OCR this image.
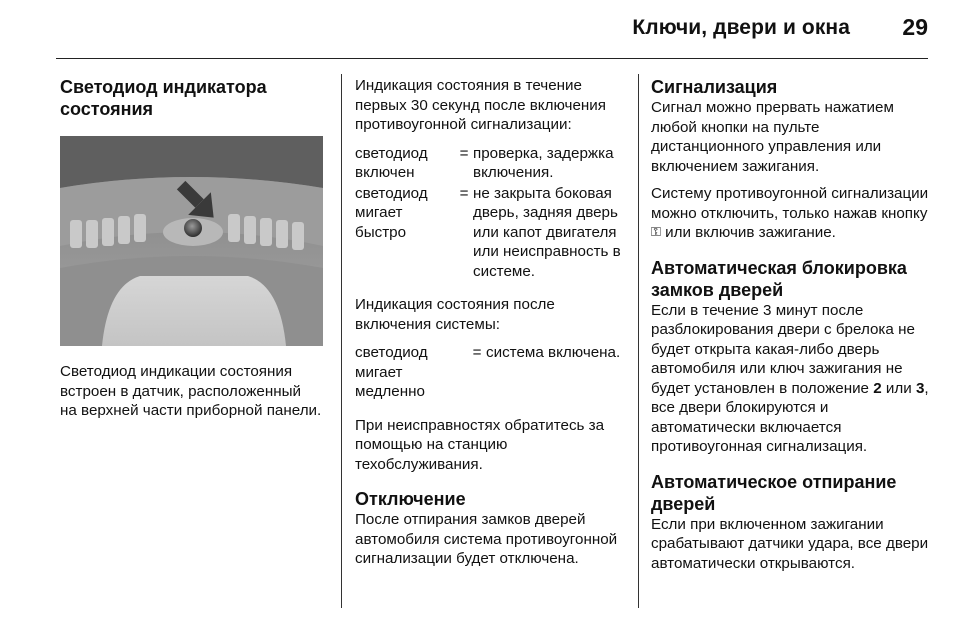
Ключи, двери и окна	29
Светодиод индикатора состояния

Светодиод индикации состояния встроен в датчик, расположенный на верхней части приборной панели.

Индикация состояния в течение первых 30 секунд после включения противоугонной сигнализации:

светодиод включен	=	проверка, задержка включения.
светодиод мигает быстро	=	не закрыта боковая дверь, задняя дверь или капот двигателя или неисправность в системе.

Индикация состояния после включения системы:

светодиод мигает медленно	=	система включена.

При неисправностях обратитесь за помощью на станцию техобслуживания.

Отключение

После отпирания замков дверей автомобиля система противоугонной сигнализации будет отключена.

Сигнализация

Сигнал можно прервать нажатием любой кнопки на пульте дистанционного управления или включением зажигания.

Систему противоугонной сигнализации можно отключить, только нажав кнопку ⚿ или включив зажигание.

Автоматическая блокировка замков дверей

Если в течение 3 минут после разблокирования двери с брелока не будет открыта какая-либо дверь автомобиля или ключ зажигания не будет установлен в положение 2 или 3, все двери блокируются и автоматически включается противоугонная сигнализация.

Автоматическое отпирание дверей

Если при включенном зажигании срабатывают датчики удара, все двери автоматически открываются.
